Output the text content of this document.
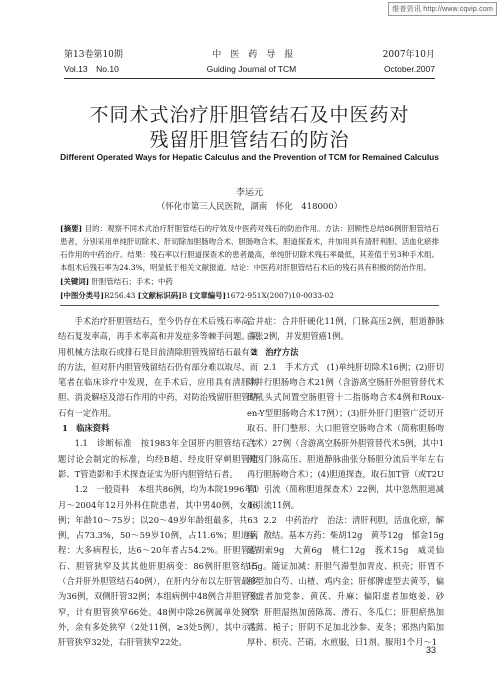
维普资讯 http://www.cqvip.com
第13卷第10期	中　医　药　导　报	2007年10月
Vol.13　No.10	Guiding Journal of TCM	October.2007
不同术式治疗肝胆管结石及中医药对
残留肝胆管结石的防治
Different Operated Ways for Hepatic Calculus and the Prevention of TCM for Remained Calculus
李运元
（怀化市第三人民医院，湖南　怀化　418000）

[摘要] 目的：观察不同术式治疗肝胆管结石的疗效及中医药对残石的防治作用。方法：回顾性总结86例肝胆管结石患者，分别采用单纯肝切除术、肝切除加胆肠吻合术、胆肠吻合术、胆道探查术，并加用具有清肝利胆、活血化瘀排石作用的中药治疗。结果：残石率以行胆道探查术的患者最高，单纯肝切除术残石率最低，其差值于另3种手术组。本组术后残石率为24.3%，明显低于相关文献报道。结论：中医药对肝胆管结石术后的残石具有积极的防治作用。

[关键词] 肝胆管结石；手术；中药

[中图分类号]R256.43 [文献标识码]B [文章编号]1672-951X(2007)10-0033-02

手术治疗肝胆管结石，至今仍存在术后残石率高、结石复发率高，再手术率高和并发症多等棘手问题。采用机械方法取石或排石是目前清除胆管残留结石最有效的方法，但对肝内胆管残留结石仍有部分难以取尽。而笔者在临床诊疗中发现，在手术后，应用具有清肝利胆、消炎解痉及溶石作用的中药，对防治残留肝胆管结石有一定作用。

1　临床资料

1.1　诊断标准　按1983年全国肝内胆管结石专题讨论会制定的标准，均经B超、经皮肝穿刺胆管造影、T管造影和手术探查证实为肝内胆管结石者。

1.2　一般资料　本组共86例，均为本院1996年1月～2004年12月外科住院患者，其中男40例，女46例；年龄10～75岁；以20～49岁年龄组最多，共63例，占73.3%，50～59岁10例，占11.6%；胆道病程：大多病程长，达6～20年者占54.2%。肝胆管结石、胆管狭窄及其其他肝胆病变：86例肝胆管结石（合并肝外胆管结石40例），在肝内分布以左肝管最多为36例，双侧肝管32例；本组病例中48例合并胆管狭窄，计有胆管狭窄66处。48例中除26例属单处狭窄外，余有多处狭窄（2处11例，≥3处5例），其中示左肝管狭窄32处，右肝管狭窄22处。

合并症：合并肝硬化11例，门脉高压2例，胆道静脉曲张2例，并发胆管癌1例。

2　治疗方法

2.1　手术方式　(1)单纯肝切除术16例；(2)肝切除并行胆肠吻合术21例（含游离空肠肝外胆管替代术即吼头式间置空肠胆管十二指肠吻合术4例和Roux-en-Y型胆肠吻合术17例）；(3)肝外肝门胆管广泛切开取石、肝门整形、大口胆管空肠吻合术（简称胆肠吻合术）27例（含游离空肠肝外胆管替代术5例，其中1例因门脉高压、胆道静脉曲张分肠胆分流后半年左右再行胆肠吻合术）；(4)胆道探查，取石加T管（或T2U管）引流（简称胆道探查术）22例，其中忽然胆道减压引流11例。

2.2　中药治疗　治法：清肝利胆，活血化瘀，解痉，散结。基本方药：柴胡12g　黄芩12g　郁金15g　延胡索9g　大黄6g　桃仁12g　莪术15g　威灵仙15g。随证加减：肝胆气滞型加青皮、枳壳；肝胃不和型加白芍、山楂、鸡内金；肝郁脾虚型去黄芩，偏气虚者加党参、黄芪、升麻；偏阳虚者加炮姜、砂仁；肝胆湿热加茵陈蒿、滑石、冬瓜仁；肝胆瘀热加青蒿、栀子；肝阴不足加北沙参、麦冬；邪热内陷加厚朴、枳壳、芒硝。水煎服，日1剂。服用1个月～1

33
